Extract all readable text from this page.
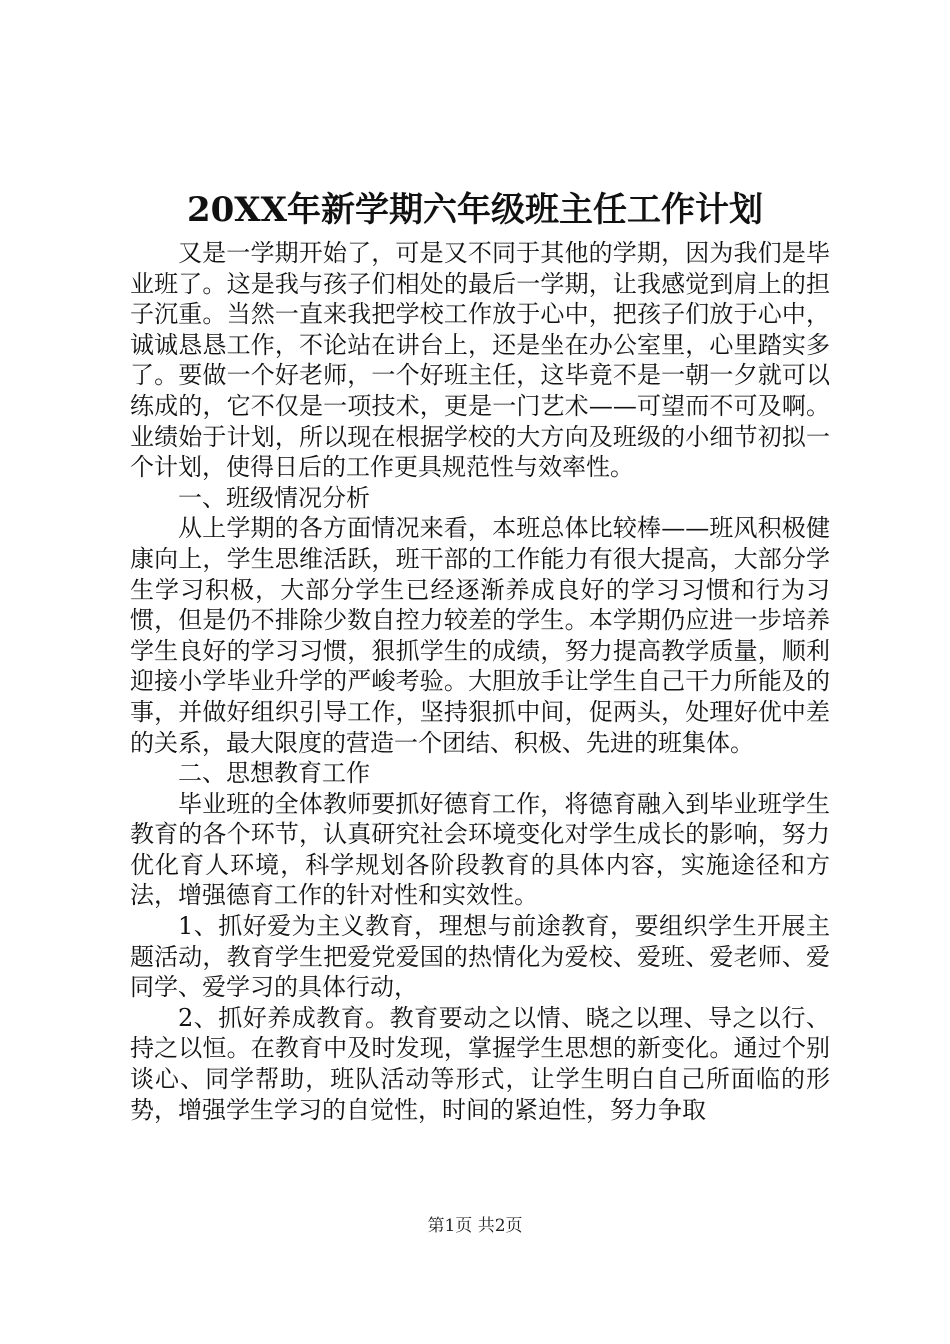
20XX年新学期六年级班主任工作计划

又是一学期开始了，可是又不同于其他的学期，因为我们是毕业班了。这是我与孩子们相处的最后一学期，让我感觉到肩上的担子沉重。当然一直来我把学校工作放于心中，把孩子们放于心中，诚诚恳恳工作，不论站在讲台上，还是坐在办公室里，心里踏实多了。要做一个好老师，一个好班主任，这毕竟不是一朝一夕就可以练成的，它不仅是一项技术，更是一门艺术——可望而不可及啊。业绩始于计划，所以现在根据学校的大方向及班级的小细节初拟一个计划，使得日后的工作更具规范性与效率性。

一、班级情况分析

从上学期的各方面情况来看，本班总体比较棒——班风积极健康向上，学生思维活跃，班干部的工作能力有很大提高，大部分学生学习积极，大部分学生已经逐渐养成良好的学习习惯和行为习惯，但是仍不排除少数自控力较差的学生。本学期仍应进一步培养学生良好的学习习惯，狠抓学生的成绩，努力提高教学质量，顺利迎接小学毕业升学的严峻考验。大胆放手让学生自己干力所能及的事，并做好组织引导工作，坚持狠抓中间，促两头，处理好优中差的关系，最大限度的营造一个团结、积极、先进的班集体。

二、思想教育工作

毕业班的全体教师要抓好德育工作，将德育融入到毕业班学生教育的各个环节，认真研究社会环境变化对学生成长的影响，努力优化育人环境，科学规划各阶段教育的具体内容，实施途径和方法，增强德育工作的针对性和实效性。

1、抓好爱为主义教育，理想与前途教育，要组织学生开展主题活动，教育学生把爱党爱国的热情化为爱校、爱班、爱老师、爱同学、爱学习的具体行动，

2、抓好养成教育。教育要动之以情、晓之以理、导之以行、持之以恒。在教育中及时发现，掌握学生思想的新变化。通过个别谈心、同学帮助，班队活动等形式，让学生明白自己所面临的形势，增强学生学习的自觉性，时间的紧迫性，努力争取

第1页 共2页
